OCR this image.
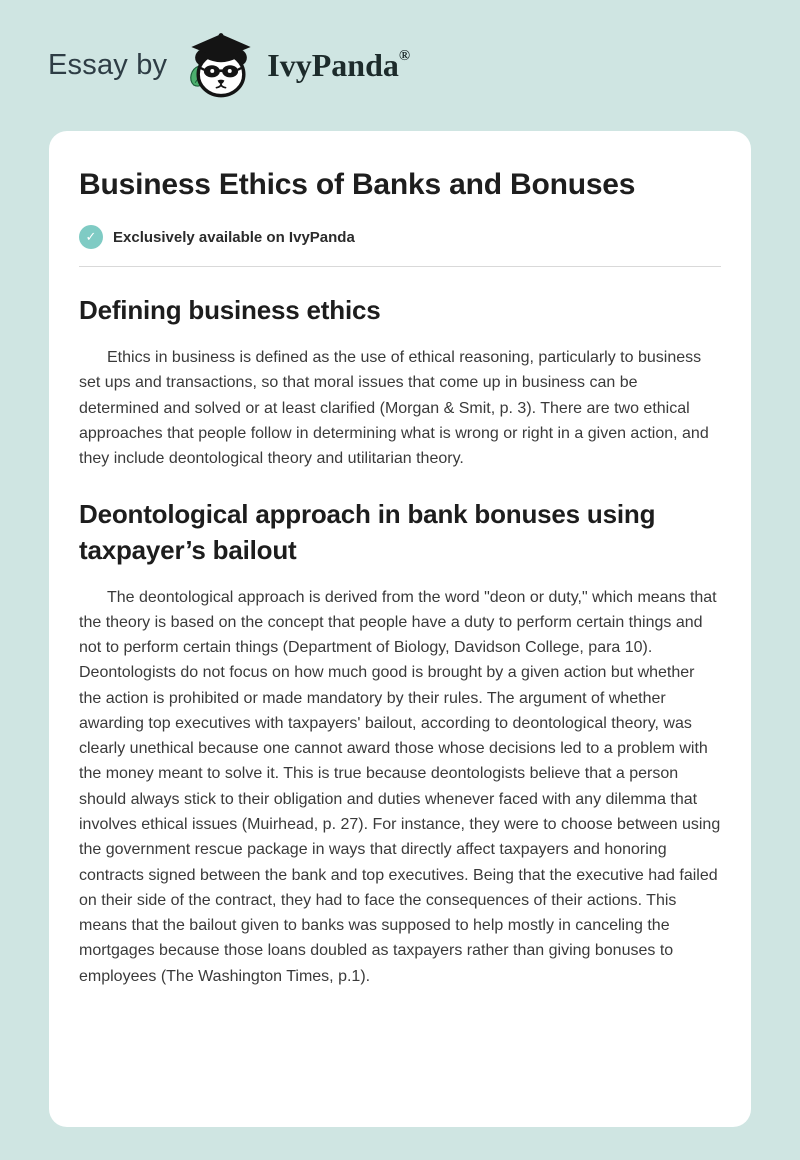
Essay by	IvyPanda ®
Business Ethics of Banks and Bonuses
✓	Exclusively available on IvyPanda
Defining business ethics

Ethics in business is defined as the use of ethical reasoning, particularly to business set ups and transactions, so that moral issues that come up in business can be determined and solved or at least clarified (Morgan & Smit, p. 3). There are two ethical approaches that people follow in determining what is wrong or right in a given action, and they include deontological theory and utilitarian theory.

Deontological approach in bank bonuses using taxpayer’s bailout

The deontological approach is derived from the word "deon or duty," which means that the theory is based on the concept that people have a duty to perform certain things and not to perform certain things (Department of Biology, Davidson College, para 10). Deontologists do not focus on how much good is brought by a given action but whether the action is prohibited or made mandatory by their rules. The argument of whether awarding top executives with taxpayers' bailout, according to deontological theory, was clearly unethical because one cannot award those whose decisions led to a problem with the money meant to solve it. This is true because deontologists believe that a person should always stick to their obligation and duties whenever faced with any dilemma that involves ethical issues (Muirhead, p. 27). For instance, they were to choose between using the government rescue package in ways that directly affect taxpayers and honoring contracts signed between the bank and top executives. Being that the executive had failed on their side of the contract, they had to face the consequences of their actions. This means that the bailout given to banks was supposed to help mostly in canceling the mortgages because those loans doubled as taxpayers rather than giving bonuses to employees (The Washington Times, p.1).
